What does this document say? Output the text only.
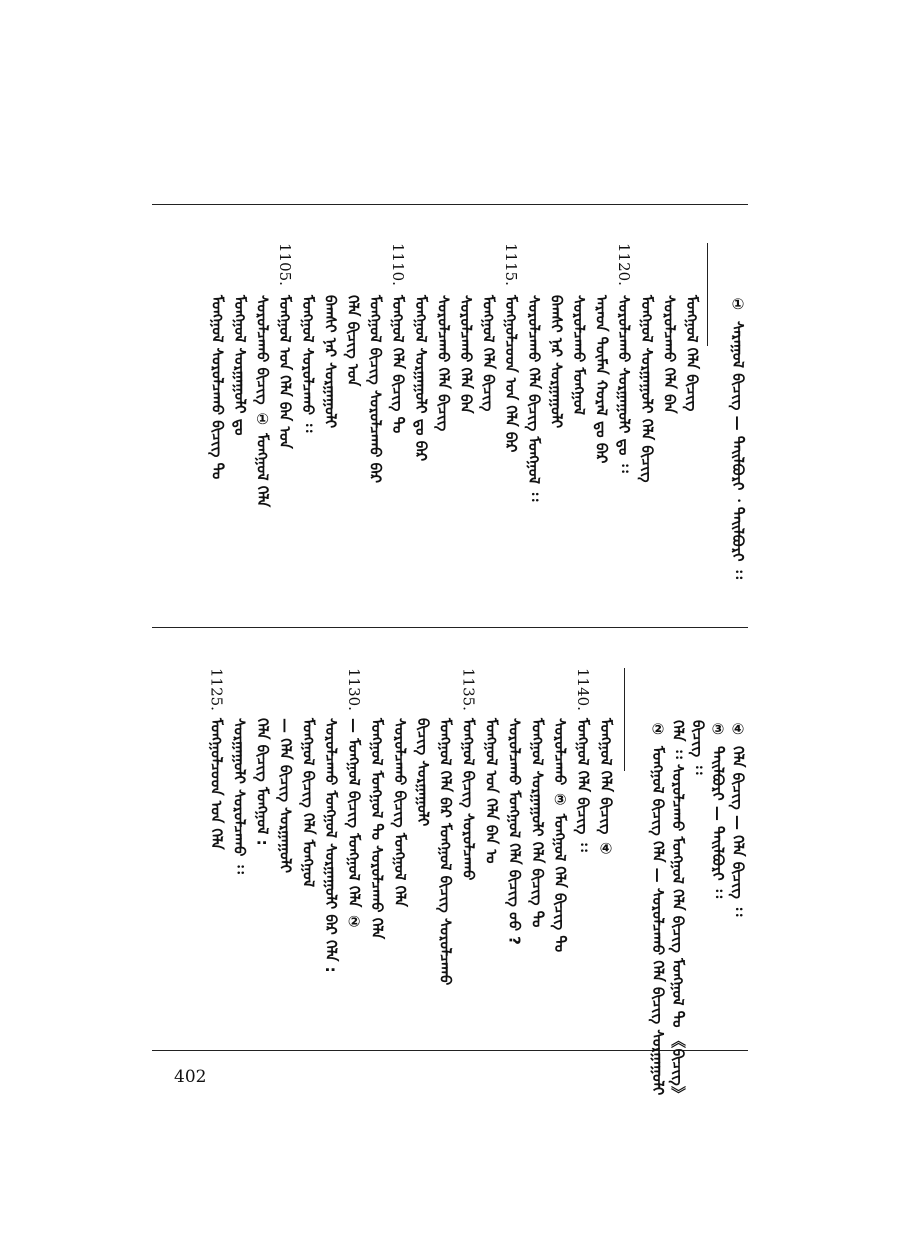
①
ᠰᠠᠷᠠᠭᠤᠯ ᠪᠢᠴᠢᠭ — ᠲᠠᠢᠯᠪᠤᠷᠢ ᠂ ᠲᠠᠢᠯᠪᠤᠷᠢ ᠄᠄
ᠮᠣᠩᠭᠣᠯ ᠬᠡᠯᠡ ᠪᠢᠴᠢᠭ
ᠰᠤᠷᠤᠯᠴᠠᠬᠤ ᠬᠡᠯᠡ ᠪᠡᠨ
ᠮᠣᠩᠭᠣᠯ ᠰᠤᠷᠭᠠᠭᠤᠯᠢ ᠬᠡᠯᠡ ᠪᠢᠴᠢᠭ
1120.
ᠰᠤᠷᠤᠯᠴᠠᠬᠤ ᠰᠤᠷᠭᠠᠭᠤᠯᠢ ᠳᠤ ᠄᠄
ᠠᠷᠠᠳ ᠲᠦᠮᠡᠨ ᠬᠤᠷᠠᠯ ᠳᠤ ᠪᠡᠷ
ᠰᠤᠷᠤᠯᠴᠠᠬᠤ ᠮᠣᠩᠭᠣᠯ
ᠪᠠᠭᠰᠢ ᠨᠠᠷ ᠰᠤᠷᠭᠠᠭᠤᠯᠢ
ᠰᠤᠷᠤᠯᠴᠠᠬᠤ ᠬᠡᠯᠡ ᠪᠢᠴᠢᠭ ᠮᠣᠩᠭᠣᠯ ᠄᠄
1115.
ᠮᠣᠩᠭᠣᠯᠴᠤᠳ ᠤᠨ ᠬᠡᠯᠡ ᠪᠡᠷ
ᠮᠣᠩᠭᠣᠯ ᠬᠡᠯᠡ ᠪᠢᠴᠢᠭ
ᠰᠤᠷᠤᠯᠴᠠᠬᠤ ᠬᠡᠯᠡ ᠪᠡᠨ
ᠰᠤᠷᠤᠯᠴᠠᠬᠤ ᠬᠡᠯᠡ ᠪᠢᠴᠢᠭ
ᠮᠣᠩᠭᠣᠯ ᠰᠤᠷᠭᠠᠭᠤᠯᠢ ᠳᠤ ᠪᠡᠷ
1110.
ᠮᠣᠩᠭᠣᠯ ᠬᠡᠯᠡ ᠪᠢᠴᠢᠭ ᠲᠤ
ᠮᠣᠩᠭᠣᠯ ᠪᠢᠴᠢᠭ ᠰᠤᠷᠤᠯᠴᠠᠬᠤ ᠪᠡᠷ
ᠬᠡᠯᠡ ᠪᠢᠴᠢᠭ ᠤᠨ
ᠪᠠᠭᠰᠢ ᠨᠠᠷ ᠰᠤᠷᠭᠠᠭᠤᠯᠢ
ᠮᠣᠩᠭᠣᠯ ᠰᠤᠷᠤᠯᠴᠠᠬᠤ ᠄᠄
1105.
ᠮᠣᠩᠭᠣᠯ ᠤᠨ ᠬᠡᠯᠡ ᠪᠡᠨ ᠤᠨ
ᠰᠤᠷᠤᠯᠴᠠᠬᠤ ᠪᠢᠴᠢᠭ ① ᠮᠣᠩᠭᠣᠯ ᠬᠡᠯᠡ
ᠮᠣᠩᠭᠣᠯ ᠰᠤᠷᠭᠠᠭᠤᠯᠢ ᠳᠤ
ᠮᠣᠩᠭᠣᠯ ᠰᠤᠷᠤᠯᠴᠠᠬᠤ ᠪᠢᠴᠢᠭ ᠲᠤ
④
ᠬᠡᠯᠡ ᠪᠢᠴᠢᠭ — ᠬᠡᠯᠡ ᠪᠢᠴᠢᠭ ᠄᠄
③
ᠲᠠᠢᠯᠪᠤᠷᠢ — ᠲᠠᠢᠯᠪᠤᠷᠢ ᠄᠄
ᠪᠢᠴᠢᠭ ᠄᠄
ᠬᠡᠯᠡ ᠄᠄ ᠰᠤᠷᠤᠯᠴᠠᠬᠤ ᠮᠣᠩᠭᠣᠯ ᠬᠡᠯᠡ ᠪᠢᠴᠢᠭ ᠮᠣᠩᠭᠣᠯ ᠲᠤ 《ᠪᠢᠴᠢᠭ》
②
ᠮᠣᠩᠭᠣᠯ ᠪᠢᠴᠢᠭ ᠬᠡᠯᠡ — ᠰᠤᠷᠤᠯᠴᠠᠬᠤ ᠬᠡᠯᠡ ᠪᠢᠴᠢᠭ ᠰᠤᠷᠭᠠᠭᠤᠯᠢ
ᠮᠣᠩᠭᠣᠯ ᠬᠡᠯᠡ ᠪᠢᠴᠢᠭ ④
1140.
ᠮᠣᠩᠭᠣᠯ ᠬᠡᠯᠡ ᠪᠢᠴᠢᠭ ᠄᠄
ᠰᠤᠷᠤᠯᠴᠠᠬᠤ ③ ᠮᠣᠩᠭᠣᠯ ᠬᠡᠯᠡ ᠪᠢᠴᠢᠭ ᠲᠤ
ᠮᠣᠩᠭᠣᠯ ᠰᠤᠷᠭᠠᠭᠤᠯᠢ ᠬᠡᠯᠡ ᠪᠢᠴᠢᠭ ᠲᠤ
ᠰᠤᠷᠤᠯᠴᠠᠬᠤ ᠮᠣᠩᠭᠣᠯ ᠬᠡᠯᠡ ᠪᠢᠴᠢᠭ ᠤᠤ ?
ᠮᠣᠩᠭᠣᠯ ᠤᠨ ᠬᠡᠯᠡ ᠪᠡᠨ ᠤ
1135.
ᠮᠣᠩᠭᠣᠯ ᠪᠢᠴᠢᠭ ᠰᠤᠷᠤᠯᠴᠠᠬᠤ
ᠮᠣᠩᠭᠣᠯ ᠬᠡᠯᠡ ᠪᠡᠷ ᠮᠣᠩᠭᠣᠯ ᠪᠢᠴᠢᠭ ᠰᠤᠷᠤᠯᠴᠠᠬᠤ
ᠪᠢᠴᠢᠭ ᠰᠤᠷᠭᠠᠭᠤᠯᠢ
ᠰᠤᠷᠤᠯᠴᠠᠬᠤ ᠪᠢᠴᠢᠭ ᠮᠣᠩᠭᠣᠯ ᠬᠡᠯᠡ
ᠮᠣᠩᠭᠣᠯ ᠮᠣᠩᠭᠣᠯ ᠲᠤ ᠰᠤᠷᠤᠯᠴᠠᠬᠤ ᠬᠡᠯᠡ
1130.
— ᠮᠣᠩᠭᠣᠯ ᠪᠢᠴᠢᠭ ᠮᠣᠩᠭᠣᠯ ᠬᠡᠯᠡ ②
ᠰᠤᠷᠤᠯᠴᠠᠬᠤ ᠮᠣᠩᠭᠣᠯ ᠰᠤᠷᠭᠠᠭᠤᠯᠢ ᠪᠡᠷ ᠬᠡᠯᠡ :
ᠮᠣᠩᠭᠣᠯ ᠪᠢᠴᠢᠭ ᠬᠡᠯᠡ ᠮᠣᠩᠭᠣᠯ
— ᠬᠡᠯᠡ ᠪᠢᠴᠢᠭ ᠰᠤᠷᠭᠠᠭᠤᠯᠢ
ᠬᠡᠯᠡ ᠪᠢᠴᠢᠭ ᠮᠣᠩᠭᠣᠯ :
ᠰᠤᠷᠭᠠᠭᠤᠯᠢ ᠰᠤᠷᠤᠯᠴᠠᠬᠤ ᠄᠄
1125.
ᠮᠣᠩᠭᠣᠯᠴᠤᠳ ᠤᠨ ᠬᠡᠯᠡ
402
